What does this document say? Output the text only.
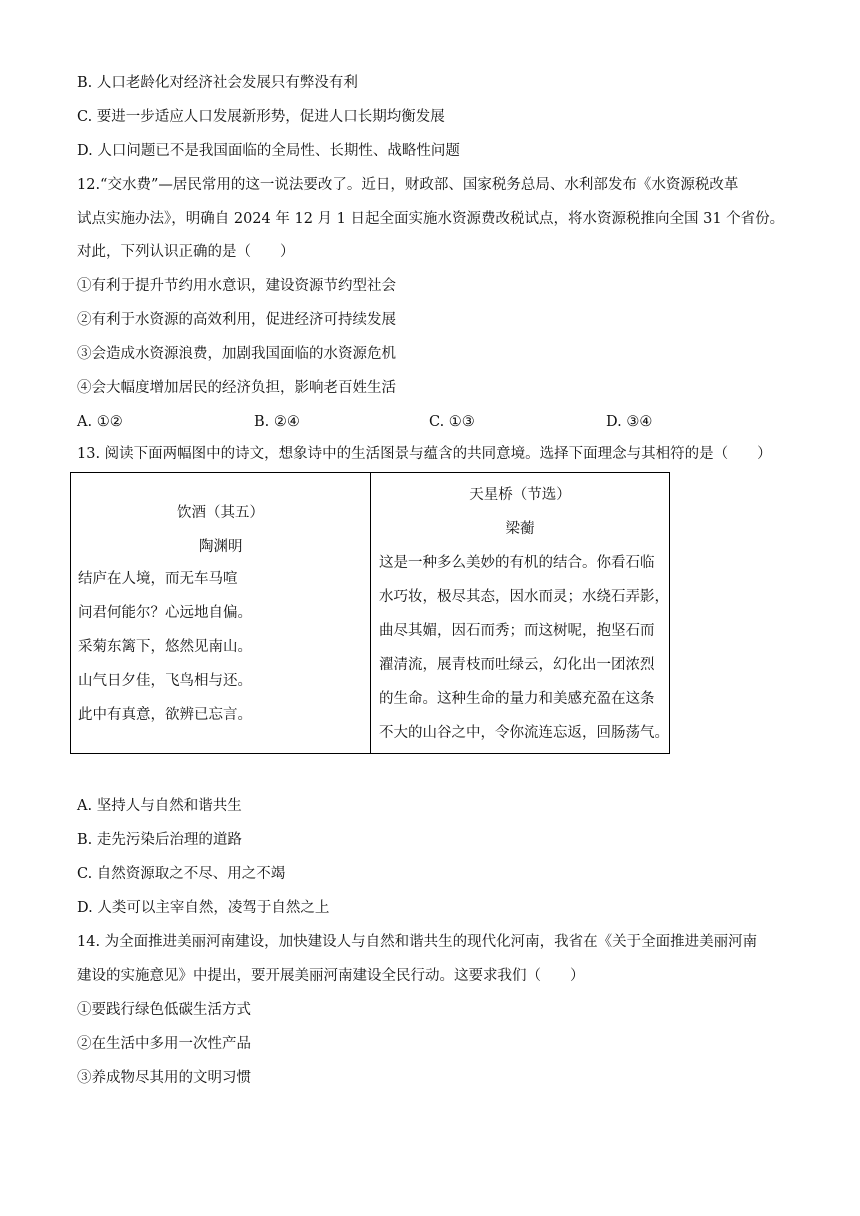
B. 人口老龄化对经济社会发展只有弊没有利
C. 要进一步适应人口发展新形势，促进人口长期均衡发展
D. 人口问题已不是我国面临的全局性、长期性、战略性问题
12.“交水费”—居民常用的这一说法要改了。近日，财政部、国家税务总局、水利部发布《水资源税改革
试点实施办法》，明确自 2024 年 12 月 1 日起全面实施水资源费改税试点，将水资源税推向全国 31 个省份。
对此，下列认识正确的是（　　）
①有利于提升节约用水意识，建设资源节约型社会
②有利于水资源的高效利用，促进经济可持续发展
③会造成水资源浪费，加剧我国面临的水资源危机
④会大幅度增加居民的经济负担，影响老百姓生活
A. ①②	B. ②④	C. ①③	D. ③④
13. 阅读下面两幅图中的诗文，想象诗中的生活图景与蕴含的共同意境。选择下面理念与其相符的是（　　）
饮酒（其五）
陶渊明
结庐在人境，而无车马喧
问君何能尔？心远地自偏。
采菊东篱下，悠然见南山。
山气日夕佳，飞鸟相与还。
此中有真意，欲辨已忘言。

天星桥（节选）
梁蘅
这是一种多么美妙的有机的结合。你看石临
水巧妆，极尽其态，因水而灵；水绕石弄影，
曲尽其媚，因石而秀；而这树呢，抱坚石而
濯清流，展青枝而吐绿云，幻化出一团浓烈
的生命。这种生命的量力和美感充盈在这条
不大的山谷之中，令你流连忘返，回肠荡气。
A. 坚持人与自然和谐共生
B. 走先污染后治理的道路
C. 自然资源取之不尽、用之不竭
D. 人类可以主宰自然，凌驾于自然之上
14. 为全面推进美丽河南建设，加快建设人与自然和谐共生的现代化河南，我省在《关于全面推进美丽河南
建设的实施意见》中提出，要开展美丽河南建设全民行动。这要求我们（　　）
①要践行绿色低碳生活方式
②在生活中多用一次性产品
③养成物尽其用的文明习惯
